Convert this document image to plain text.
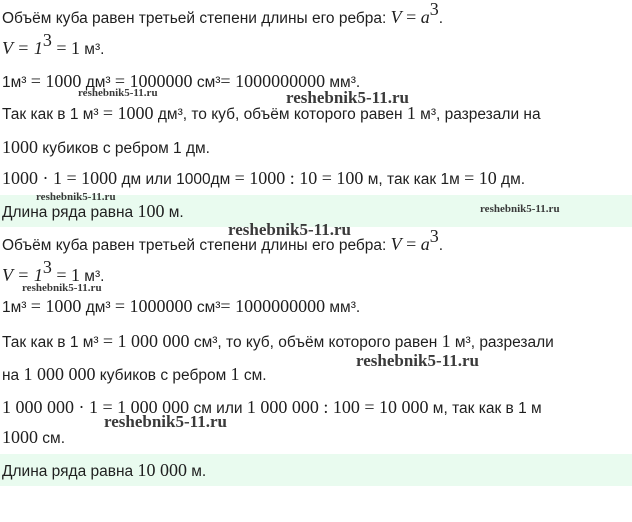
Объём куба равен третьей степени длины его ребра: $V = a^3$.
$V = 1^3 = 1$ м³.
1м³ = 1000 дм³ = 1000000 см³= 1000000000 мм³.
Так как в 1 м³ = 1000 дм³, то куб, объём которого равен 1 м³, разрезали на
1000 кубиков с ребром 1 дм.
1000 · 1 = 1000 дм или 1000дм = 1000 : 10 = 100 м, так как 1м = 10 дм.
Длина ряда равна 100 м.
Объём куба равен третьей степени длины его ребра: $V = a^3$.
$V = 1^3 = 1$ м³.
1м³ = 1000 дм³ = 1000000 см³= 1000000000 мм³.
Так как в 1 м³ = 1 000 000 см³, то куб, объём которого равен 1 м³, разрезали
на 1 000 000 кубиков с ребром 1 см.
1 000 000 · 1 = 1 000 000 см или 1 000 000 : 100 = 10 000 м, так как в 1 м
1000 см.
Длина ряда равна 10 000 м.
reshebnik5-11.ru	reshebnik5-11.ru
reshebnik5-11.ru
reshebnik5-11.ru
reshebnik5-11.ru
reshebnik5-11.ru
reshebnik5-11.ru
reshebnik5-11.ru
